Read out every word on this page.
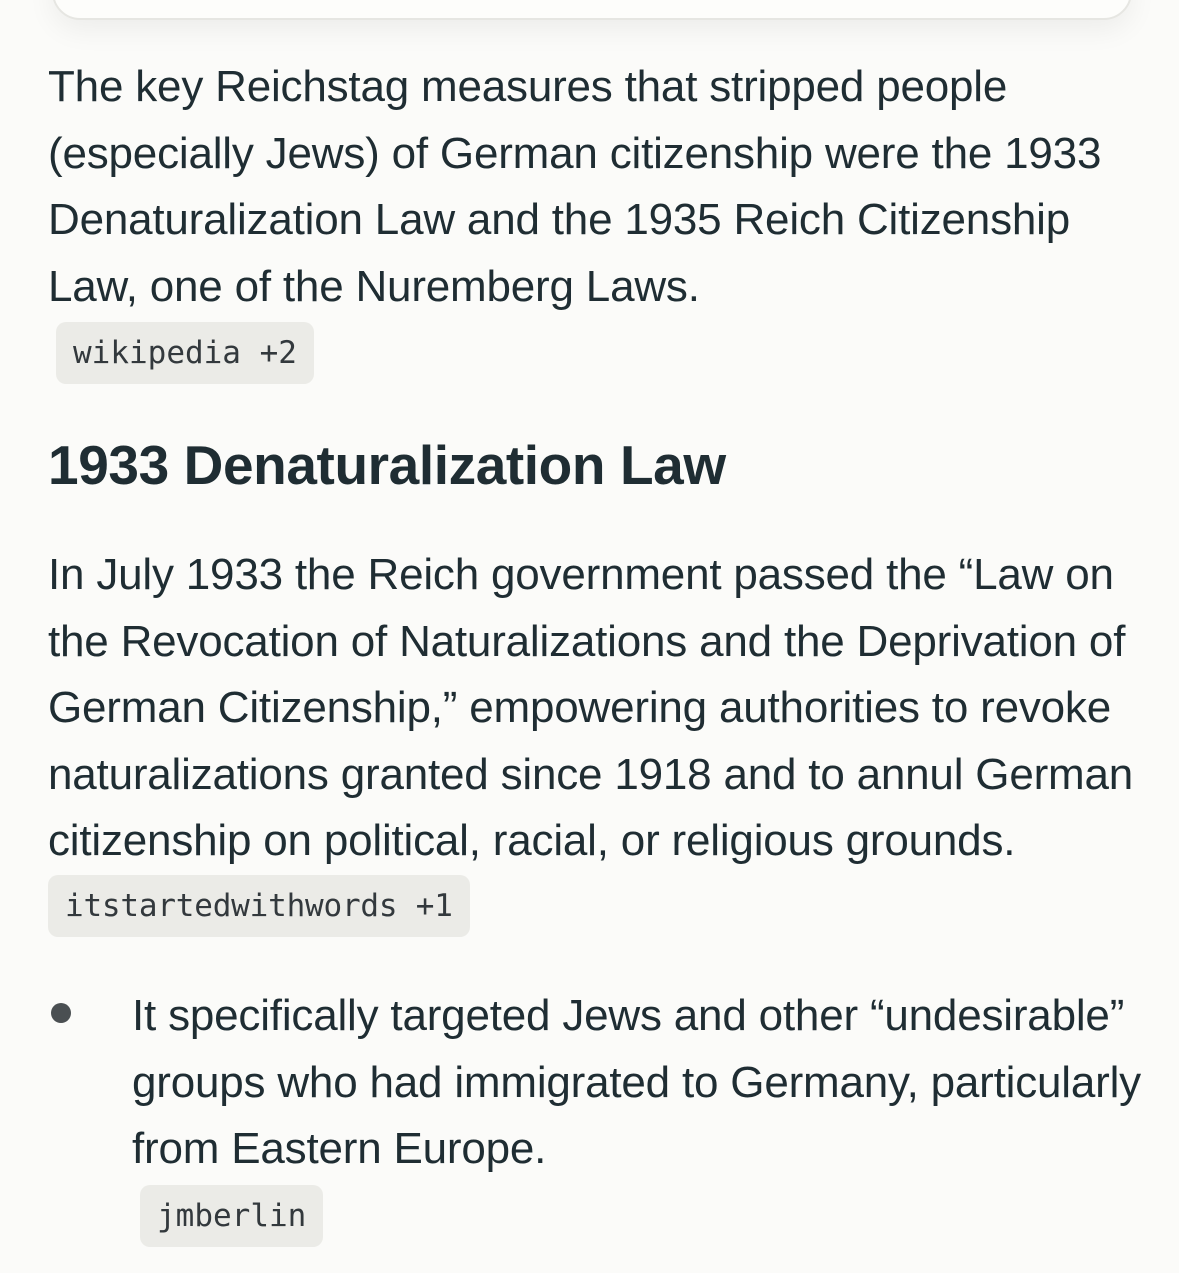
The key Reichstag measures that stripped people (especially Jews) of German citizenship were the 1933 Denaturalization Law and the 1935 Reich Citizenship Law, one of the Nuremberg Laws.

wikipedia +2
1933 Denaturalization Law

In July 1933 the Reich government passed the “Law on the Revocation of Naturalizations and the Deprivation of German Citizenship,” empowering authorities to revoke naturalizations granted since 1918 and to annul German citizenship on political, racial, or religious grounds. itstartedwithwords +1

It specifically targeted Jews and other “undesirable” groups who had immigrated to Germany, particularly from Eastern Europe.

jmberlin
